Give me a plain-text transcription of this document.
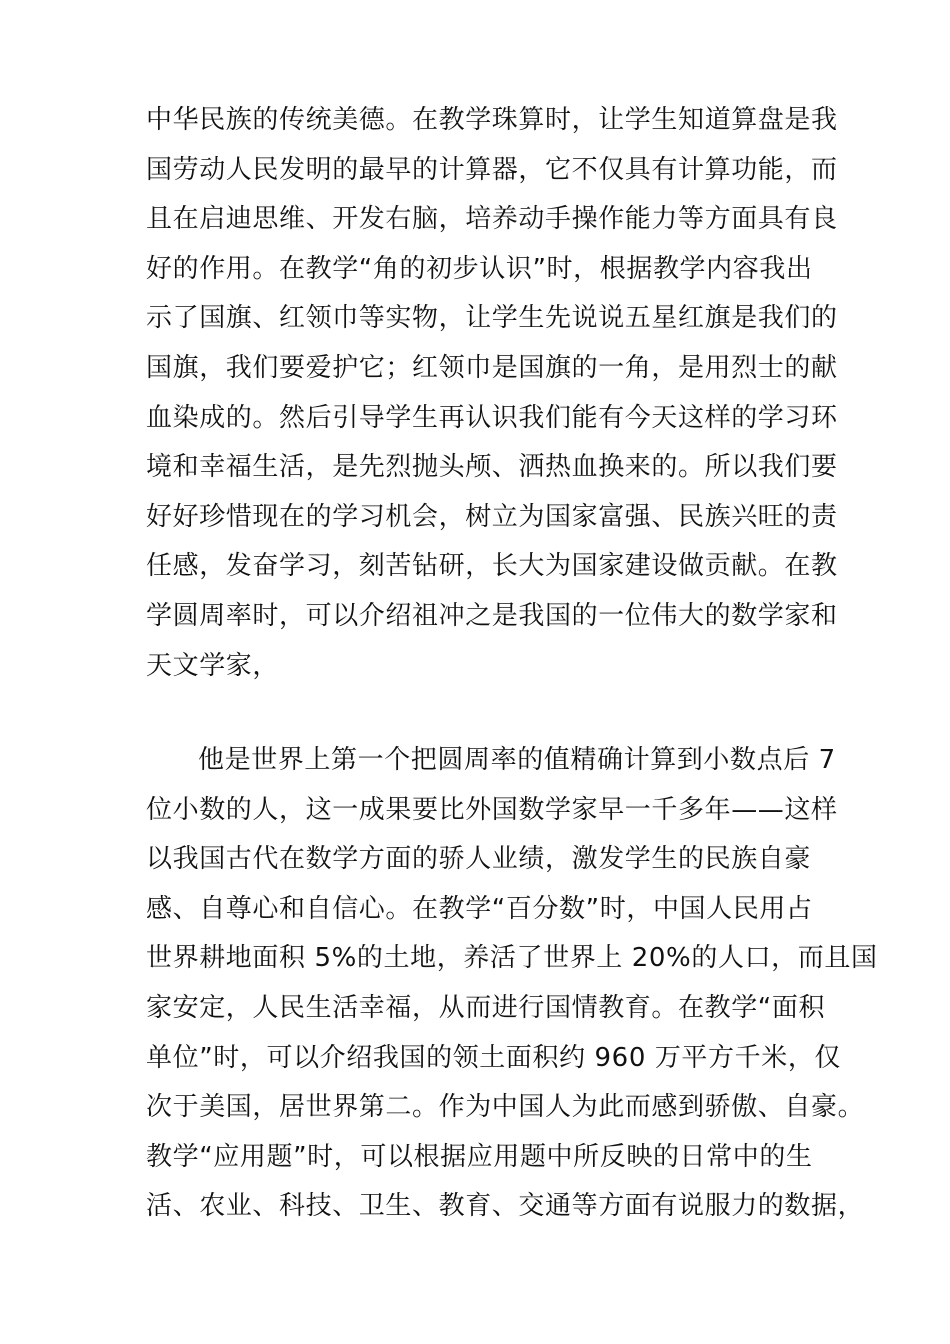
中华民族的传统美德。在教学珠算时，让学生知道算盘是我
国劳动人民发明的最早的计算器，它不仅具有计算功能，而
且在启迪思维、开发右脑，培养动手操作能力等方面具有良
好的作用。在教学“角的初步认识”时，根据教学内容我出
示了国旗、红领巾等实物，让学生先说说五星红旗是我们的
国旗，我们要爱护它；红领巾是国旗的一角，是用烈士的献
血染成的。然后引导学生再认识我们能有今天这样的学习环
境和幸福生活，是先烈抛头颅、洒热血换来的。所以我们要
好好珍惜现在的学习机会，树立为国家富强、民族兴旺的责
任感，发奋学习，刻苦钻研，长大为国家建设做贡献。在教
学圆周率时，可以介绍祖冲之是我国的一位伟大的数学家和
天文学家，
他是世界上第一个把圆周率的值精确计算到小数点后 7
位小数的人，这一成果要比外国数学家早一千多年——这样
以我国古代在数学方面的骄人业绩，激发学生的民族自豪
感、自尊心和自信心。在教学“百分数”时，中国人民用占
世界耕地面积 5%的土地，养活了世界上 20%的人口，而且国
家安定，人民生活幸福，从而进行国情教育。在教学“面积
单位”时，可以介绍我国的领土面积约 960 万平方千米，仅
次于美国，居世界第二。作为中国人为此而感到骄傲、自豪。
教学“应用题”时，可以根据应用题中所反映的日常中的生
活、农业、科技、卫生、教育、交通等方面有说服力的数据，
